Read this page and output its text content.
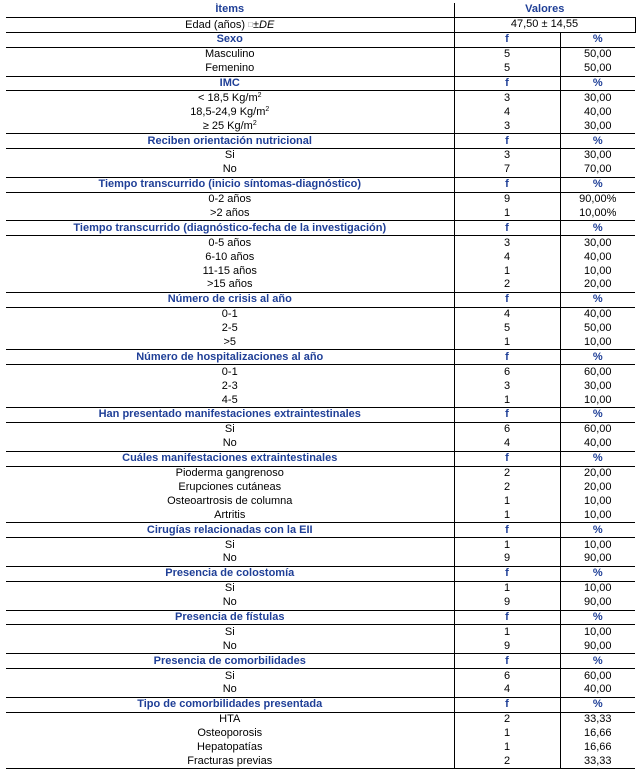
Ítems	Valores	
Edad (años) □±DE	47,50 ± 14,55	
Sexo	f	%
Masculino	5	50,00
Femenino	5	50,00
IMC	f	%
< 18,5 $Kg/m^2$	3	30,00
18,5-24,9 $Kg/m^2$	4	40,00
≥ 25 $Kg/m^2$	3	30,00
Reciben orientación nutricional	f	%
Si	3	30,00
No	7	70,00
Tiempo transcurrido (inicio síntomas-diagnóstico)	f	%
0-2 años	9	90,00%
>2 años	1	10,00%
Tiempo transcurrido (diagnóstico-fecha de la investigación)	f	%
0-5 años	3	30,00
6-10 años	4	40,00
11-15 años	1	10,00
>15 años	2	20,00
Número de crisis al año	f	%
0-1	4	40,00
2-5	5	50,00
>5	1	10,00
Número de hospitalizaciones al año	f	%
0-1	6	60,00
2-3	3	30,00
4-5	1	10,00
Han presentado manifestaciones extraintestinales	f	%
Si	6	60,00
No	4	40,00
Cuáles manifestaciones extraintestinales	f	%
Pioderma gangrenoso	2	20,00
Erupciones cutáneas	2	20,00
Osteoartrosis de columna	1	10,00
Artritis	1	10,00
Cirugías relacionadas con la EII	f	%
Si	1	10,00
No	9	90,00
Presencia de colostomía	f	%
Si	1	10,00
No	9	90,00
Presencia de fístulas	f	%
Si	1	10,00
No	9	90,00
Presencia de comorbilidades	f	%
Si	6	60,00
No	4	40,00
Tipo de comorbilidades presentada	f	%
HTA	2	33,33
Osteoporosis	1	16,66
Hepatopatías	1	16,66
Fracturas previas	2	33,33
